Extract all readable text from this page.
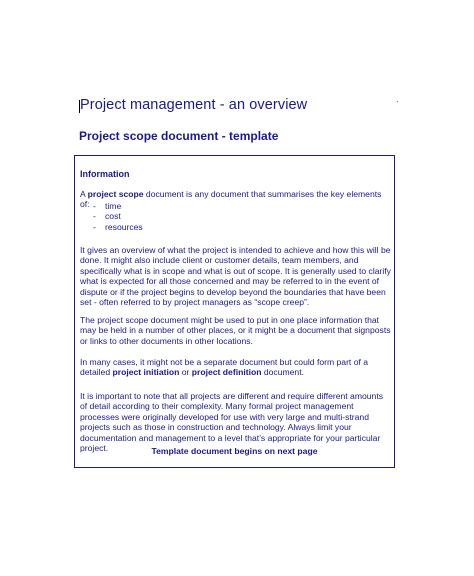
Project management - an overview
Project scope document - template
Information

A project scope document is any document that summarises the key elements of: - time
- cost
- resources

It gives an overview of what the project is intended to achieve and how this will be done. It might also include client or customer details, team members, and specifically what is in scope and what is out of scope. It is generally used to clarify what is expected for all those concerned and may be referred to in the event of dispute or if the project begins to develop beyond the boundaries that have been set - often referred to by project managers as “scope creep”.

The project scope document might be used to put in one place information that may be held in a number of other places, or it might be a document that signposts or links to other documents in other locations.

In many cases, it might not be a separate document but could form part of a detailed project initiation or project definition document.

It is important to note that all projects are different and require different amounts of detail according to their complexity. Many formal project management processes were originally developed for use with very large and multi-strand projects such as those in construction and technology. Always limit your documentation and management to a level that’s appropriate for your particular project.	Template document begins on next page
